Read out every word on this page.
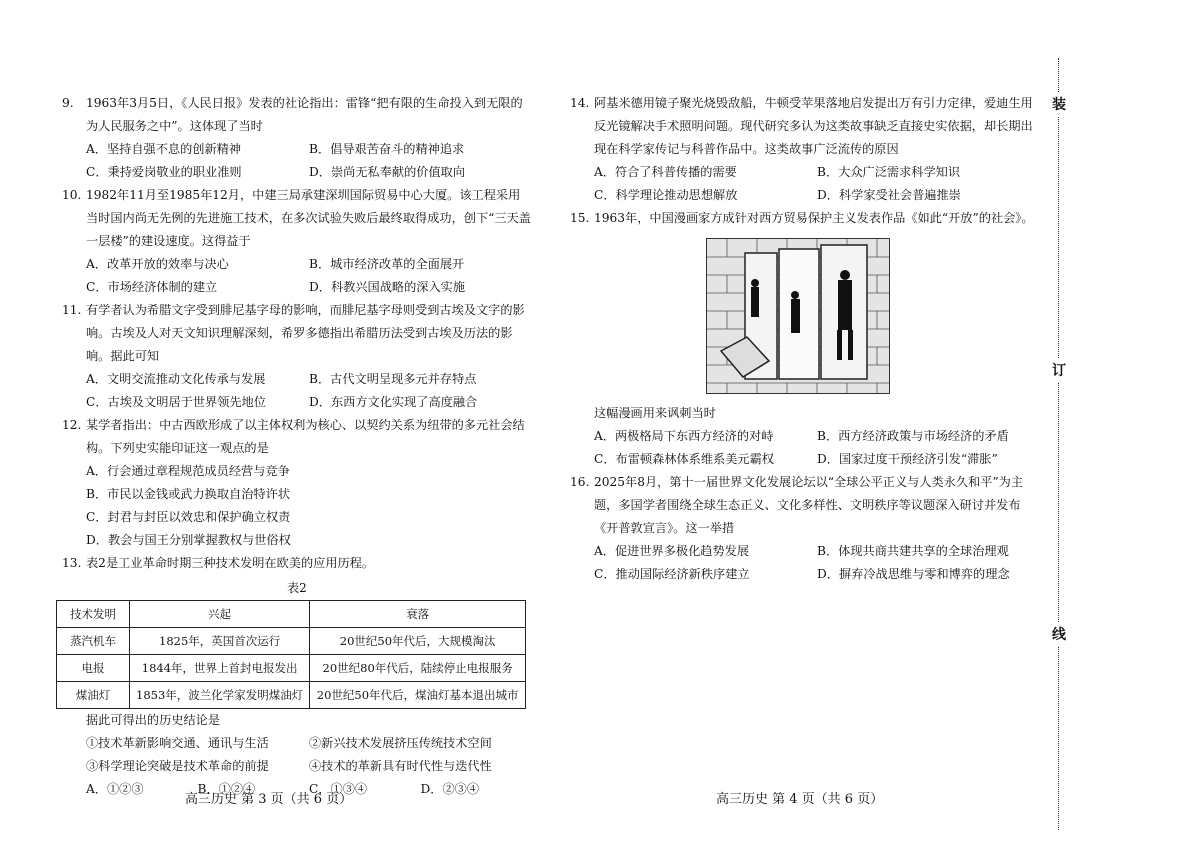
9. 1963年3月5日，《人民日报》发表的社论指出：雷锋“把有限的生命投入到无限的为人民服务之中”。这体现了当时
A．坚持自强不息的创新精神	B．倡导艰苦奋斗的精神追求
C．秉持爱岗敬业的职业准则	D．崇尚无私奉献的价值取向
10. 1982年11月至1985年12月，中建三局承建深圳国际贸易中心大厦。该工程采用当时国内尚无先例的先进施工技术，在多次试验失败后最终取得成功，创下“三天盖一层楼”的建设速度。这得益于
A．改革开放的效率与决心	B．城市经济改革的全面展开
C．市场经济体制的建立	D．科教兴国战略的深入实施
11. 有学者认为希腊文字受到腓尼基字母的影响，而腓尼基字母则受到古埃及文字的影响。古埃及人对天文知识理解深刻，希罗多德指出希腊历法受到古埃及历法的影响。据此可知
A．文明交流推动文化传承与发展	B．古代文明呈现多元并存特点
C．古埃及文明居于世界领先地位	D．东西方文化实现了高度融合
12. 某学者指出：中古西欧形成了以主体权利为核心、以契约关系为纽带的多元社会结构。下列史实能印证这一观点的是
A．行会通过章程规范成员经营与竞争
B．市民以金钱或武力换取自治特许状
C．封君与封臣以效忠和保护确立权责
D．教会与国王分别掌握教权与世俗权
13. 表2是工业革命时期三种技术发明在欧美的应用历程。
表2
技术发明	兴起	衰落
蒸汽机车	1825年，英国首次运行	20世纪50年代后，大规模淘汰
电报	1844年，世界上首封电报发出	20世纪80年代后，陆续停止电报服务
煤油灯	1853年，波兰化学家发明煤油灯	20世纪50年代后，煤油灯基本退出城市
据此可得出的历史结论是
①技术革新影响交通、通讯与生活	②新兴技术发展挤压传统技术空间
③科学理论突破是技术革命的前提	④技术的革新具有时代性与迭代性
A．①②③	B．①②④	C．①③④	D．②③④
高三历史 第 3 页（共 6 页）
14. 阿基米德用镜子聚光烧毁敌船，牛顿受苹果落地启发提出万有引力定律，爱迪生用反光镜解决手术照明问题。现代研究多认为这类故事缺乏直接史实依据，却长期出现在科学家传记与科普作品中。这类故事广泛流传的原因
A．符合了科普传播的需要	B．大众广泛需求科学知识
C．科学理论推动思想解放	D．科学家受社会普遍推崇
15. 1963年，中国漫画家方成针对西方贸易保护主义发表作品《如此“开放”的社会》。
这幅漫画用来讽刺当时
A．两极格局下东西方经济的对峙	B．西方经济政策与市场经济的矛盾
C．布雷顿森林体系维系美元霸权	D．国家过度干预经济引发“滞胀”
16. 2025年8月，第十一届世界文化发展论坛以“全球公平正义与人类永久和平”为主题，多国学者围绕全球生态正义、文化多样性、文明秩序等议题深入研讨并发布《开普敦宣言》。这一举措
A．促进世界多极化趋势发展	B．体现共商共建共享的全球治理观
C．推动国际经济新秩序建立	D．摒弃冷战思维与零和博弈的理念
高三历史 第 4 页（共 6 页）
装
订
线
